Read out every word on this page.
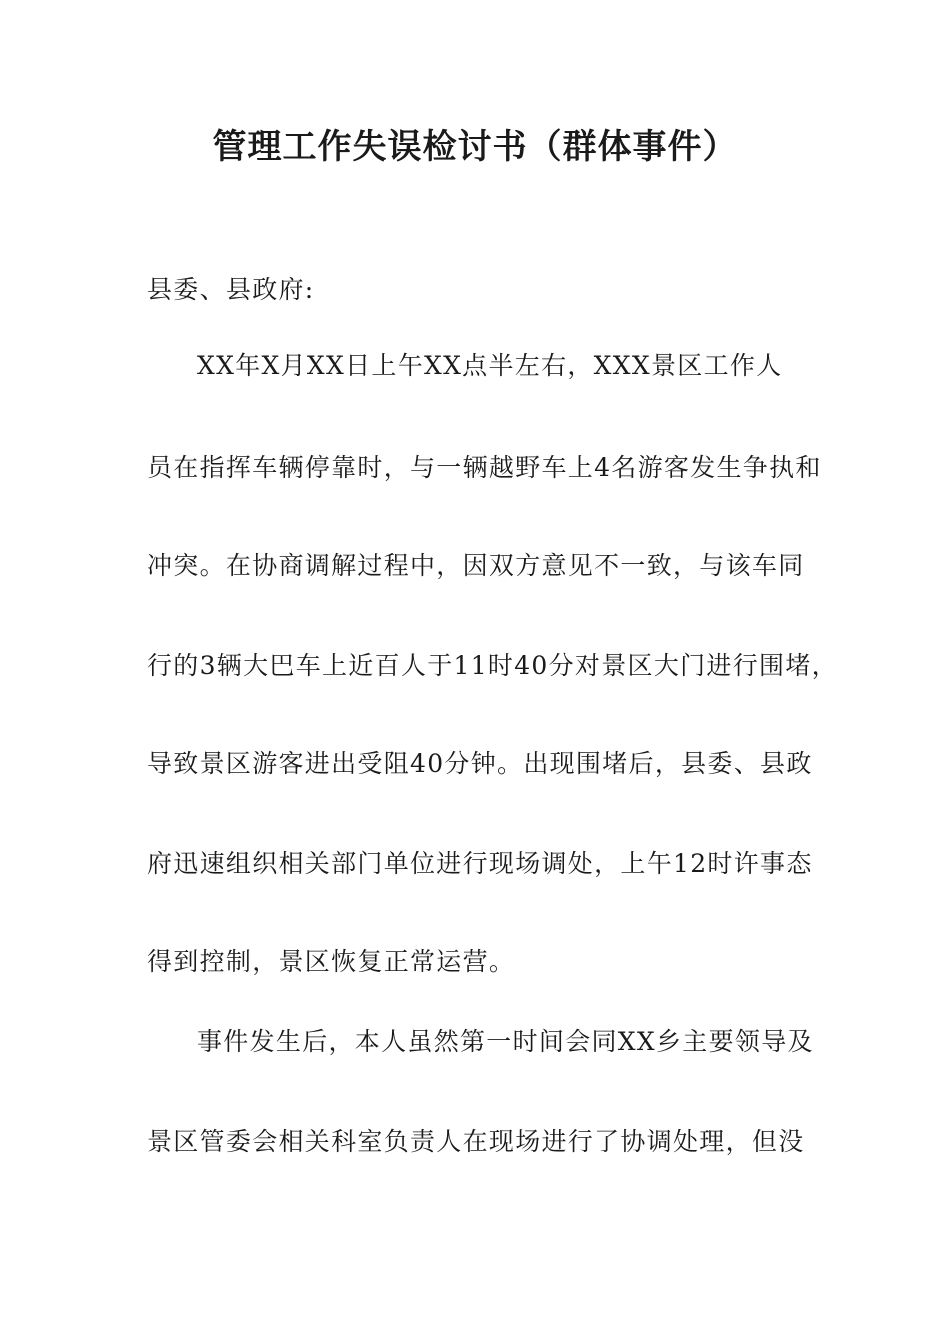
管理工作失误检讨书（群体事件）
县委、县政府:
XX年X月XX日上午XX点半左右，XXX景区工作人
员在指挥车辆停靠时，与一辆越野车上4名游客发生争执和
冲突。在协商调解过程中，因双方意见不一致，与该车同
行的3辆大巴车上近百人于11时40分对景区大门进行围堵，
导致景区游客进出受阻40分钟。出现围堵后，县委、县政
府迅速组织相关部门单位进行现场调处，上午12时许事态
得到控制，景区恢复正常运营。
事件发生后，本人虽然第一时间会同XX乡主要领导及
景区管委会相关科室负责人在现场进行了协调处理，但没
